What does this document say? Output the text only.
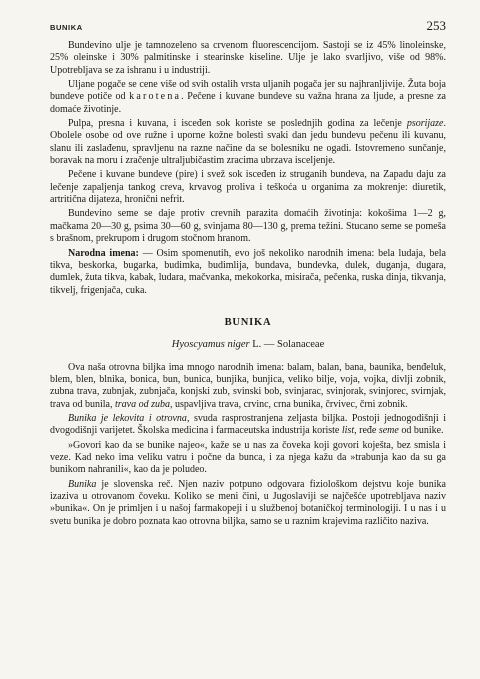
BUNIKA	253

Bundevino ulje je tamnozeleno sa crvenom fluorescencijom. Sastoji se iz 45% linoleinske, 25% oleinske i 30% palmitinske i stearinske kiseline. Ulje je lako svarljivo, više od 98%. Upotrebljava se za ishranu i u industriji.

Uljane pogače se cene više od svih ostalih vrsta uljanih pogača jer su najhranljivije. Žuta boja bundeve potiče od karotena. Pečene i kuvane bundeve su važna hrana za ljude, a presne za domaće životinje.

Pulpa, presna i kuvana, i isceđen sok koriste se poslednjih godina za lečenje psorijaze. Obolele osobe od ove ružne i uporne kožne bolesti svaki dan jedu bundevu pečenu ili kuvanu, slanu ili zaslađenu, spravljenu na razne načine da se bolesniku ne ogadi. Istovremeno sunčanje, boravak na moru i zračenje ultraljubičastim zracima ubrzava isceljenje.

Pečene i kuvane bundeve (pire) i svež sok isceđen iz struganih bundeva, na Zapadu daju za lečenje zapaljenja tankog creva, krvavog proliva i teškoća u organima za mokrenje: diuretik, artritična dijateza, hronični nefrit.

Bundevino seme se daje protiv crevnih parazita domaćih životinja: kokošima 1—2 g, mačkama 20—30 g, psima 30—60 g, svinjama 80—130 g, prema težini. Stucano seme se pomeša s brašnom, prekrupom i drugom stočnom hranom.

Narodna imena: — Osim spomenutih, evo još nekoliko narodnih imena: bela ludaja, bela tikva, beskorka, bugarka, budimka, budimlija, bundava, bundevka, dulek, duganja, dugara, dumlek, žuta tikva, kabak, ludara, mačvanka, mekokorka, misirača, pečenka, ruska dinja, tikvanja, tikvelj, frigenjača, cuka.

BUNIKA
Hyoscyamus niger L. — Solanaceae

Ova našа otrovna biljka ima mnogo narodnih imena: balam, balan, bana, baunika, benđeluk, blem, blen, blnika, bonica, bun, bunica, bunjika, bunjica, veliko bilje, voja, vojka, divlji zobnik, zubna trava, zubnjak, zubnjača, konjski zub, svinski bob, svinjarac, svinjorak, svinjorec, svirnjak, trava od bunila, trava od zuba, uspavljiva trava, crvinc, crna bunika, črvivec, črni zobnik.

Bunika je lekovita i otrovna, svuda rasprostranjena zeljasta biljka. Postoji jednogodišnji i dvogodišnji varijetet. Školska medicina i farmaceutska industrija koriste list, ređe seme od bunike.

»Govori kao da se bunike najeo«, kaže se u nas za čoveka koji govori koješta, bez smisla i veze. Kad neko ima veliku vatru i počne da bunca, i za njega kažu da »trabunja kao da su ga bunikom nahranili«, kao da je poludeo.

Bunika je slovenska reč. Njen naziv potpuno odgovara fiziološkom dejstvu koje bunika izaziva u otrovanom čoveku. Koliko se meni čini, u Jugoslaviji se najčešće upotrebljava naziv »bunika«. On je primljen i u našoj farmakopeji i u službenoj botaničkoj terminologiji. I u nas i u svetu bunika je dobro poznata kao otrovna biljka, samo se u raznim krajevima različito naziva.
